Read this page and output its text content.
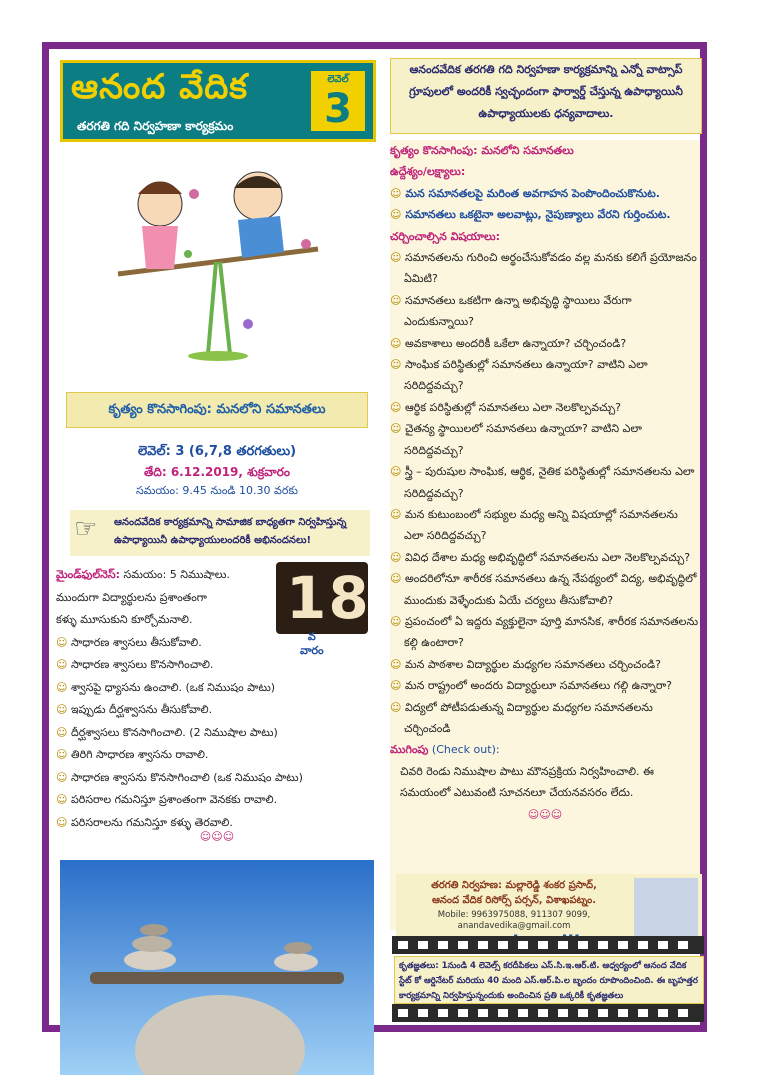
ఆనంద వేదిక
తరగతి గది నిర్వహణా కార్యక్రమం
లెవెల్
3
కృత్యం కొనసాగింపు: మనలోని సమానతలు
లెవెల్: 3 (6,7,8 తరగతులు)
తేది: 6.12.2019, శుక్రవారం
సమయం: 9.45 నుండి 10.30 వరకు
☞ ఆనందవేదిక కార్యక్రమాన్ని సామాజిక బాధ్యతగా నిర్వహిస్తున్న ఉపాధ్యాయినీ ఉపాధ్యాయులందరికీ అభినందనలు!
18
వ
వారం
మైండ్‌ఫుల్‌నెస్: సమయం: 5 నిముషాలు.
ముందుగా విద్యార్థులను ప్రశాంతంగా
కళ్ళు మూసుకుని కూర్చోమనాలి.
☺ సాధారణ శ్వాసలు తీసుకోవాలి.
☺ సాధారణ శ్వాసలు కొనసాగించాలి.
☺ శ్వాసపై ధ్యాసను ఉంచాలి. (ఒక నిముషం పాటు)
☺ ఇప్పుడు దీర్ఘశ్వాసను తీసుకోవాలి.
☺ దీర్ఘశ్వాసలు కొనసాగించాలి. (2 నిముషాల పాటు)
☺ తిరిగి సాధారణ శ్వాసను రావాలి.
☺ సాధారణ శ్వాసను కొనసాగించాలి (ఒక నిముషం పాటు)
☺ పరిసరాల గమనిస్తూ ప్రశాంతంగా వెనకకు రావాలి.
☺ పరిసరాలను గమనిస్తూ కళ్ళు తెరవాలి.
☺☺☺
ఆనందవేదిక తరగతి గది నిర్వహణా కార్యక్రమాన్ని ఎన్నో వాట్సాప్ గ్రూపులలో అందరికీ స్వచ్ఛందంగా ఫార్వార్డ్ చేస్తున్న ఉపాధ్యాయినీ ఉపాధ్యాయులకు ధన్యవాదాలు.
కృత్యం కొనసాగింపు: మనలోని సమానతలు
ఉద్దేశ్యం/లక్ష్యాలు:
☺ మన సమానతలపై మరింత అవగాహన పెంపొందించుకొనుట.
☺ సమానతలు ఒకటైనా అలవాట్లు, నైపుణ్యాలు వేరని గుర్తించుట.
చర్చించాల్సిన విషయాలు:
☺ సమానతలను గురించి అర్థంచేసుకోవడం వల్ల మనకు కలిగే ప్రయోజనం ఏమిటి?
☺ సమానతలు ఒకటిగా ఉన్నా అభివృద్ధి స్థాయిలు వేరుగా ఎందుకున్నాయి?
☺ అవకాశాలు అందరికీ ఒకేలా ఉన్నాయా? చర్చించండి?
☺ సాంఘిక పరిస్థితుల్లో సమానతలు ఉన్నాయా? వాటిని ఎలా సరిదిద్దవచ్చు?
☺ ఆర్థిక పరిస్థితుల్లో సమానతలు ఎలా నెలకొల్పవచ్చు?
☺ చైతన్య స్థాయిలలో సమానతలు ఉన్నాయా? వాటిని ఎలా సరిదిద్దవచ్చు?
☺ స్త్రీ – పురుషుల సాంఘిక, ఆర్థిక, నైతిక పరిస్థితుల్లో సమానతలను ఎలా సరిదిద్దవచ్చు?
☺ మన కుటుంబంలో సభ్యుల మధ్య అన్ని విషయాల్లో సమానతలను ఎలా సరిదిద్దవచ్చు?
☺ వివిధ దేశాల మధ్య అభివృద్ధిలో సమానతలను ఎలా నెలకొల్పవచ్చు?
☺ అందరిలోనూ శారీరక సమానతలు ఉన్న నేపథ్యంలో విద్య, అభివృద్ధిలో ముందుకు వెళ్ళేందుకు ఏయే చర్యలు తీసుకోవాలి?
☺ ప్రపంచంలో ఏ ఇద్దరు వ్యక్తులైనా పూర్తి మానసిక, శారీరక సమానతలను కల్గి ఉంటారా?
☺ మన పాఠశాల విద్యార్థుల మధ్యగల సమానతలు చర్చించండి?
☺ మన రాష్ట్రంలో అందరు విద్యార్థులూ సమానతలు గల్గి ఉన్నారా?
☺ విద్యలో పోటీపడుతున్న విద్యార్థుల మధ్యగల సమానతలను చర్చించండి
ముగింపు (Check out):
చివరి రెండు నిముషాల పాటు మౌనప్రక్రియ నిర్వహించాలి. ఈ సమయంలో ఎటువంటి సూచనలూ చేయనవసరం లేదు.
☺☺☺
తరగతి నిర్వహణ: మల్లారెడ్డి శంకర ప్రసాద్,
ఆనంద వేదిక రిసోర్స్ పర్సన్, విశాఖపట్నం.
Mobile: 9963975088, 911307 9099,
anandavedika@gmail.com
కృతజ్ఞతలు: 1నుండి 4 లెవెల్స్ కరదీపికలు ఎస్.సి.ఇ.ఆర్.టి. ఆధ్వర్యంలో ఆనంద వేదిక స్టేట్ కో ఆర్డినేటర్ మరియు 40 మంది ఎస్.ఆర్.పి.ల బృందం రూపొందించింది. ఈ బృహత్తర కార్యక్రమాన్ని నిర్వహిస్తున్నందుకు అందించిన ప్రతి ఒక్కరికీ కృతజ్ఞతలు
